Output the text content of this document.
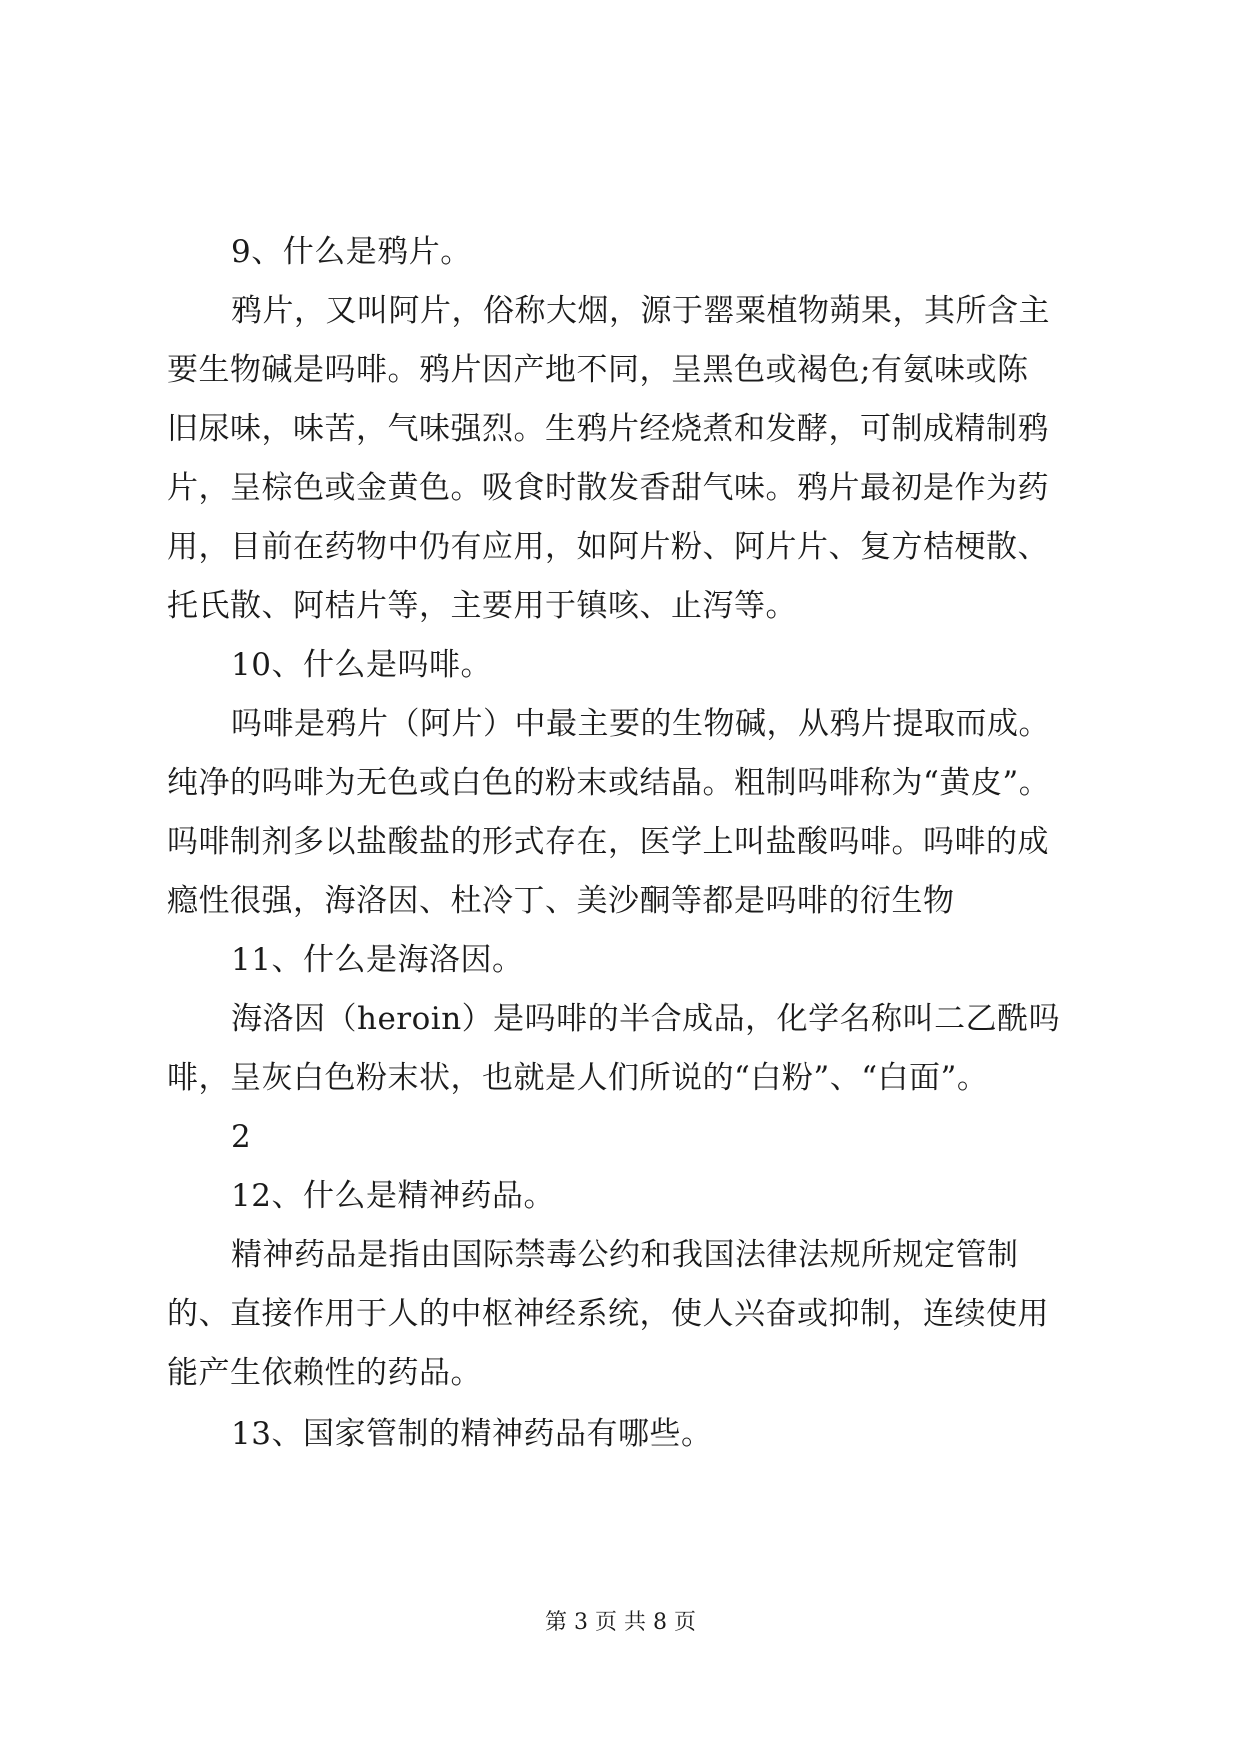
9、什么是鸦片。
鸦片，又叫阿片，俗称大烟，源于罂粟植物蒴果，其所含主
要生物碱是吗啡。鸦片因产地不同，呈黑色或褐色;有氨味或陈
旧尿味，味苦，气味强烈。生鸦片经烧煮和发酵，可制成精制鸦
片，呈棕色或金黄色。吸食时散发香甜气味。鸦片最初是作为药
用，目前在药物中仍有应用，如阿片粉、阿片片、复方桔梗散、
托氏散、阿桔片等，主要用于镇咳、止泻等。
10、什么是吗啡。
吗啡是鸦片（阿片）中最主要的生物碱，从鸦片提取而成。
纯净的吗啡为无色或白色的粉末或结晶。粗制吗啡称为“黄皮”。
吗啡制剂多以盐酸盐的形式存在，医学上叫盐酸吗啡。吗啡的成
瘾性很强，海洛因、杜冷丁、美沙酮等都是吗啡的衍生物
11、什么是海洛因。
海洛因（heroin）是吗啡的半合成品，化学名称叫二乙酰吗
啡，呈灰白色粉末状，也就是人们所说的“白粉”、“白面”。
2
12、什么是精神药品。
精神药品是指由国际禁毒公约和我国法律法规所规定管制
的、直接作用于人的中枢神经系统，使人兴奋或抑制，连续使用
能产生依赖性的药品。
13、国家管制的精神药品有哪些。
第 3 页 共 8 页
